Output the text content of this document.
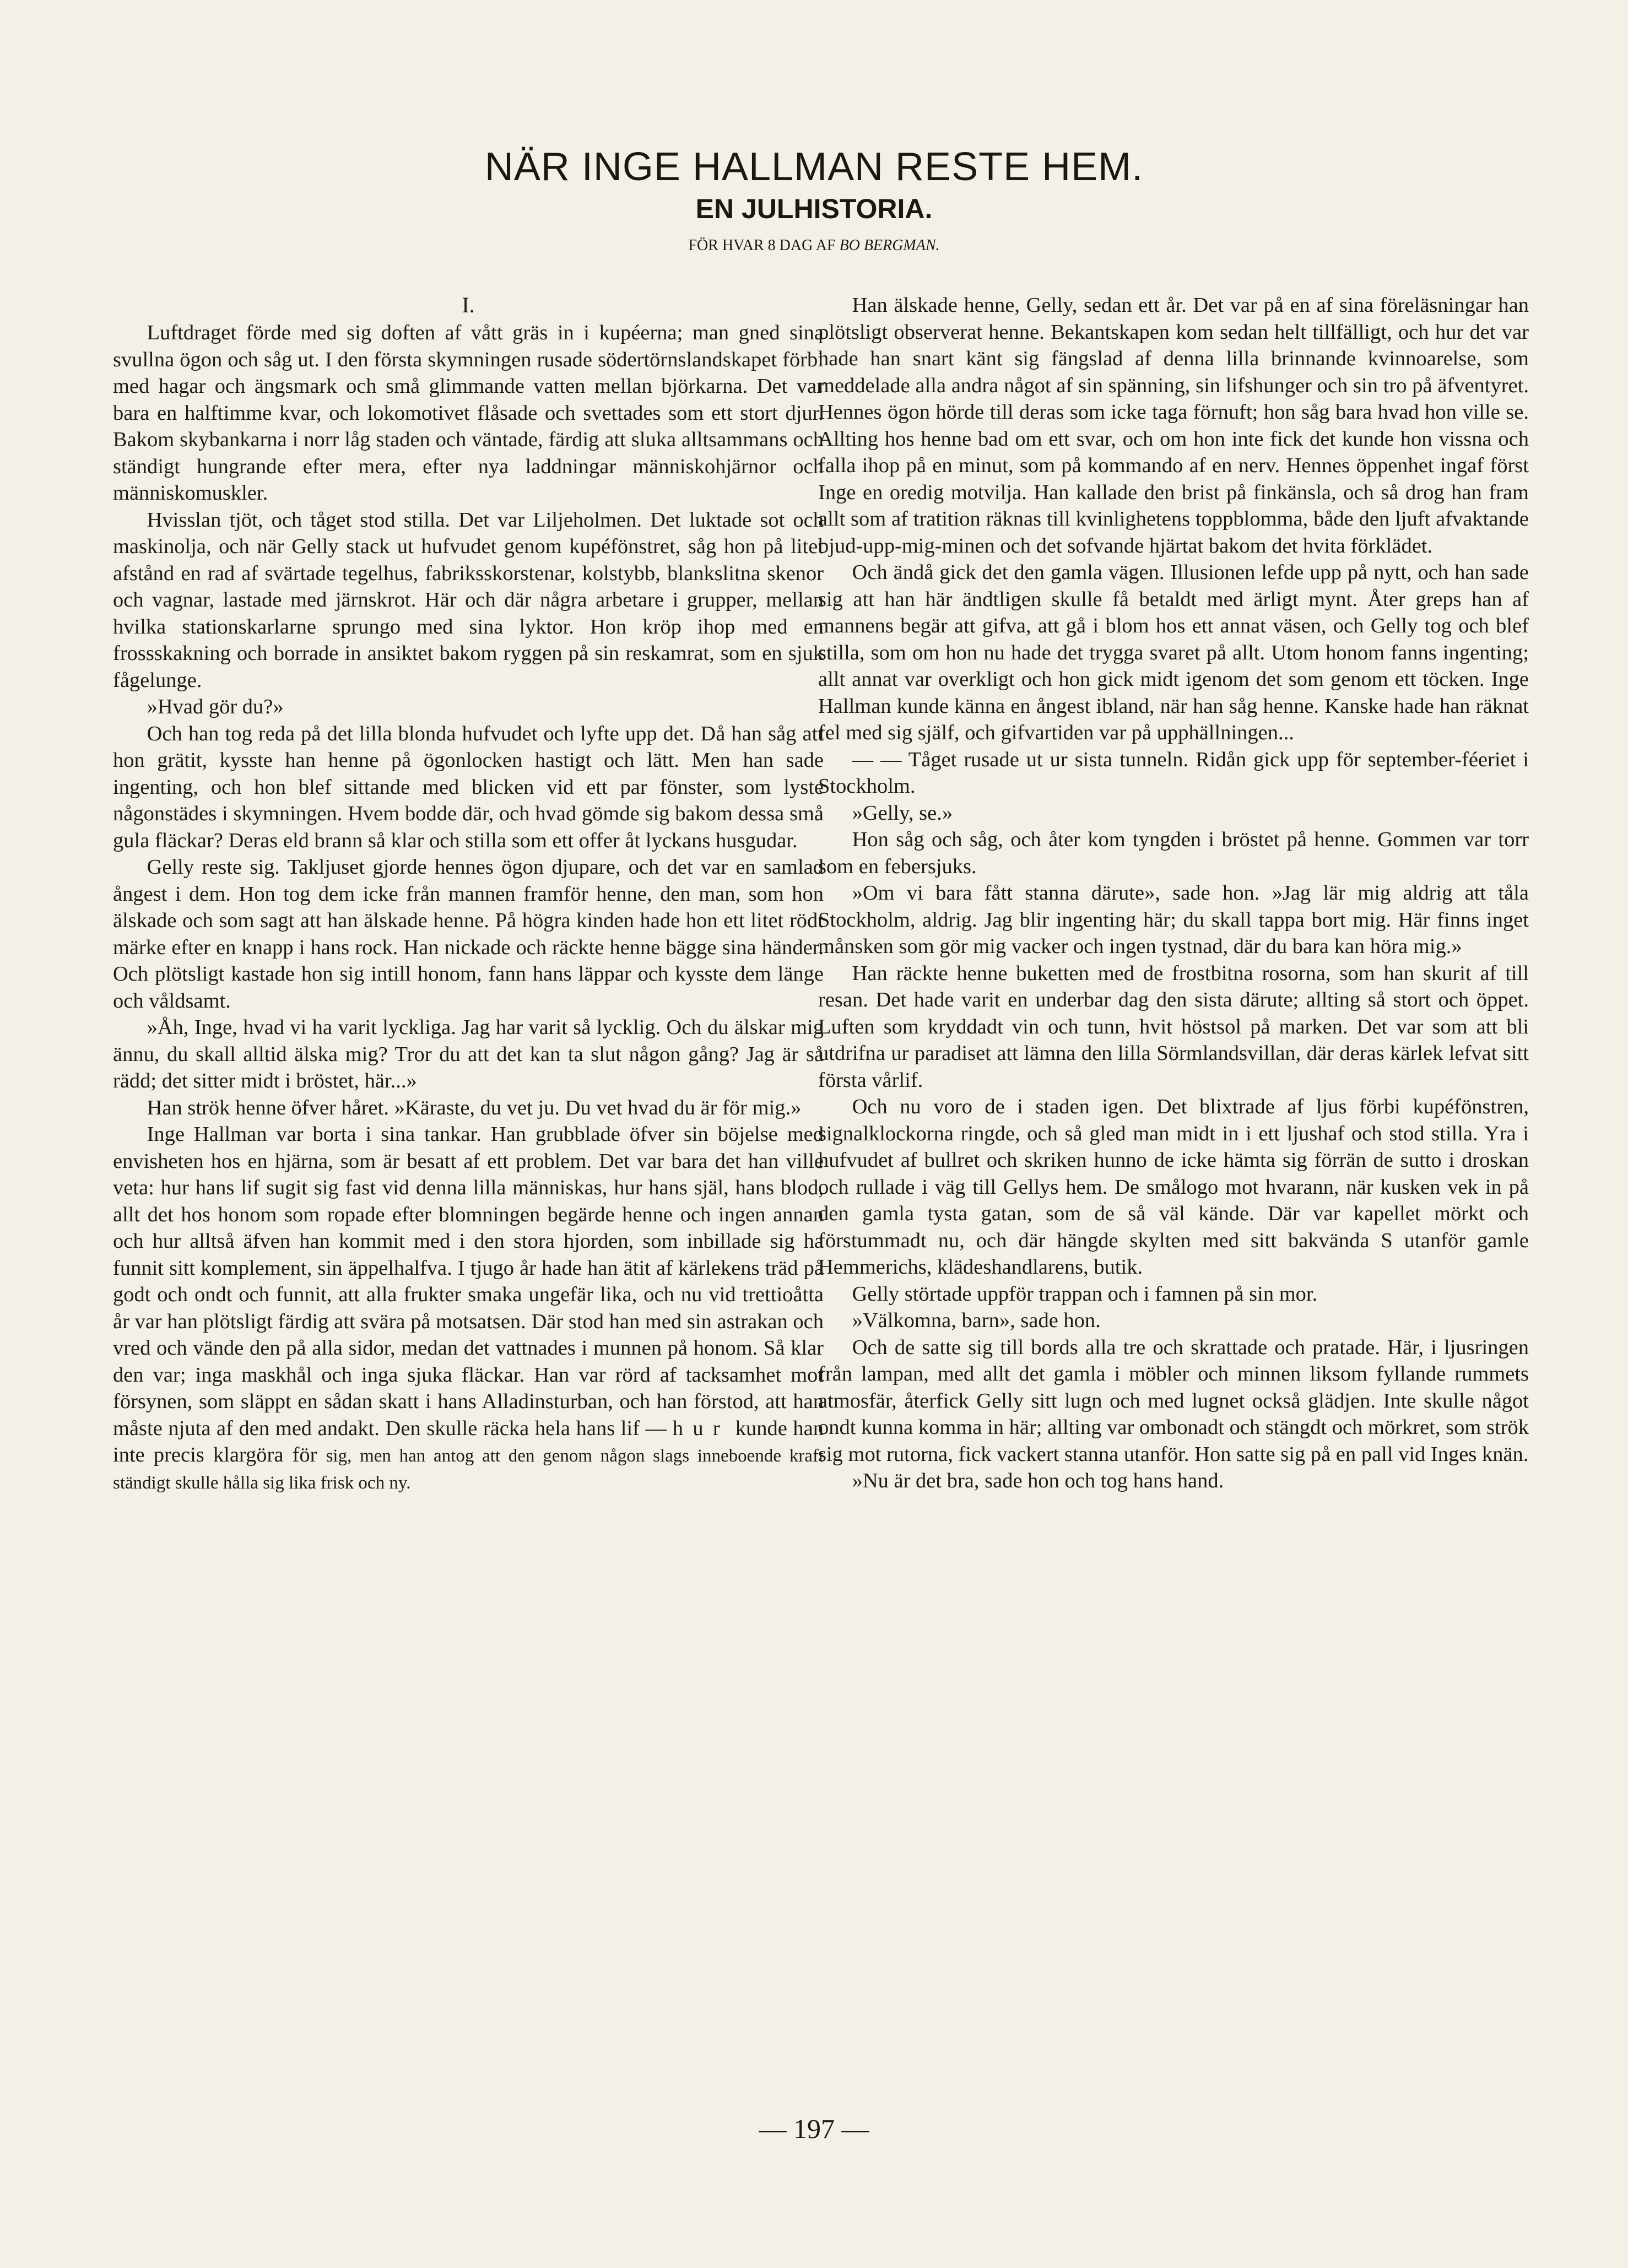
NÄR INGE HALLMAN RESTE HEM.
EN JULHISTORIA.

FÖR HVAR 8 DAG AF BO BERGMAN.

I.

Luftdraget förde med sig doften af vått gräs in i kupéerna; man gned sina svullna ögon och såg ut. I den första skymningen rusade södertörnslandskapet förbi med hagar och ängsmark och små glimmande vatten mellan björkarna. Det var bara en halftimme kvar, och lokomotivet flåsade och svettades som ett stort djur. Bakom skybankarna i norr låg staden och väntade, färdig att sluka alltsammans och ständigt hungrande efter mera, efter nya laddningar människohjärnor och människomuskler.

Hvisslan tjöt, och tåget stod stilla. Det var Liljeholmen. Det luktade sot och maskinolja, och när Gelly stack ut hufvudet genom kupéfönstret, såg hon på litet afstånd en rad af svärtade tegelhus, fabriksskorstenar, kolstybb, blankslitna skenor och vagnar, lastade med järnskrot. Här och där några arbetare i grupper, mellan hvilka stationskarlarne sprungo med sina lyktor. Hon kröp ihop med en frossskakning och borrade in ansiktet bakom ryggen på sin reskamrat, som en sjuk fågelunge.

»Hvad gör du?»

Och han tog reda på det lilla blonda hufvudet och lyfte upp det. Då han såg att hon grätit, kysste han henne på ögonlocken hastigt och lätt. Men han sade ingenting, och hon blef sittande med blicken vid ett par fönster, som lyste någonstädes i skymningen. Hvem bodde där, och hvad gömde sig bakom dessa små gula fläckar? Deras eld brann så klar och stilla som ett offer åt lyckans husgudar.

Gelly reste sig. Takljuset gjorde hennes ögon djupare, och det var en samlad ångest i dem. Hon tog dem icke från mannen framför henne, den man, som hon älskade och som sagt att han älskade henne. På högra kinden hade hon ett litet rödt märke efter en knapp i hans rock. Han nickade och räckte henne bägge sina händer. Och plötsligt kastade hon sig intill honom, fann hans läppar och kysste dem länge och våldsamt.

»Åh, Inge, hvad vi ha varit lyckliga. Jag har varit så lycklig. Och du älskar mig ännu, du skall alltid älska mig? Tror du att det kan ta slut någon gång? Jag är så rädd; det sitter midt i bröstet, här...»

Han strök henne öfver håret. »Käraste, du vet ju. Du vet hvad du är för mig.»

Inge Hallman var borta i sina tankar. Han grubblade öfver sin böjelse med envisheten hos en hjärna, som är besatt af ett problem. Det var bara det han ville veta: hur hans lif sugit sig fast vid denna lilla människas, hur hans själ, hans blod, allt det hos honom som ropade efter blomningen begärde henne och ingen annan och hur alltså äfven han kommit med i den stora hjorden, som inbillade sig ha funnit sitt komplement, sin äppelhalfva. I tjugo år hade han ätit af kärlekens träd på godt och ondt och funnit, att alla frukter smaka ungefär lika, och nu vid trettioåtta år var han plötsligt färdig att svära på motsatsen. Där stod han med sin astrakan och vred och vände den på alla sidor, medan det vattnades i munnen på honom. Så klar den var; inga maskhål och inga sjuka fläckar. Han var rörd af tacksamhet mot försynen, som släppt en sådan skatt i hans Alladinsturban, och han förstod, att han måste njuta af den med andakt. Den skulle räcka hela hans lif — hur kunde han inte precis klargöra för sig, men han antog att den genom någon slags innebοende kraft ständigt skulle hålla sig lika frisk och ny.

Han älskade henne, Gelly, sedan ett år. Det var på en af sina föreläsningar han plötsligt observerat henne. Bekantskapen kom sedan helt tillfälligt, och hur det var hade han snart känt sig fängslad af denna lilla brinnande kvinnoarelse, som meddelade alla andra något af sin spänning, sin lifshunger och sin tro på äfventyret. Hennes ögon hörde till deras som icke taga förnuft; hon såg bara hvad hon ville se. Allting hos henne bad om ett svar, och om hon inte fick det kunde hon vissna och falla ihop på en minut, som på kommando af en nerv. Hennes öppenhet ingaf först Inge en oredig motvilja. Han kallade den brist på finkänsla, och så drog han fram allt som af tratition räknas till kvinlighetens toppblomma, både den ljuft afvaktande bjud-upp-mig-minen och det sofvande hjärtat bakom det hvita förklädet.

Och ändå gick det den gamla vägen. Illusionen lefde upp på nytt, och han sade sig att han här ändtligen skulle få betaldt med ärligt mynt. Åter greps han af mannens begär att gifva, att gå i blom hos ett annat väsen, och Gelly tog och blef stilla, som om hon nu hade det trygga svaret på allt. Utom honom fanns ingenting; allt annat var overkligt och hon gick midt igenom det som genom ett töcken. Inge Hallman kunde känna en ångest ibland, när han såg henne. Kanske hade han räknat fel med sig själf, och gifvartiden var på upphällningen...

— — Tåget rusade ut ur sista tunneln. Ridån gick upp för september-féeriet i Stockholm.

»Gelly, se.»

Hon såg och såg, och åter kom tyngden i bröstet på henne. Gommen var torr som en febersjuks.

»Om vi bara fått stanna därute», sade hon. »Jag lär mig aldrig att tåla Stockholm, aldrig. Jag blir ingenting här; du skall tappa bort mig. Här finns inget månsken som gör mig vacker och ingen tystnad, där du bara kan höra mig.»

Han räckte henne buketten med de frostbitna rosorna, som han skurit af till resan. Det hade varit en underbar dag den sista därute; allting så stort och öppet. Luften som kryddadt vin och tunn, hvit höstsol på marken. Det var som att bli utdrifna ur paradiset att lämna den lilla Sörmlandsvillan, där deras kärlek lefvat sitt första vårlif.

Och nu voro de i staden igen. Det blixtrade af ljus förbi kupéfönstren, signalklockorna ringde, och så gled man midt in i ett ljushaf och stod stilla. Yra i hufvudet af bullret och skriken hunno de icke hämta sig förrän de sutto i droskan och rullade i väg till Gellys hem. De smålogo mot hvarann, när kusken vek in på den gamla tysta gatan, som de så väl kände. Där var kapellet mörkt och förstummadt nu, och där hängde skylten med sitt bakvända S utanför gamle Hemmerichs, klädeshandlarens, butik.

Gelly störtade uppför trappan och i famnen på sin mor.

»Välkomna, barn», sade hon.

Och de satte sig till bords alla tre och skrattade och pratade. Här, i ljusringen från lampan, med allt det gamla i möbler och minnen liksom fyllande rummets atmosfär, återfick Gelly sitt lugn och med lugnet också glädjen. Inte skulle något ondt kunna komma in här; allting var ombonadt och stängdt och mörkret, som strök sig mot rutorna, fick vackert stanna utanför. Hon satte sig på en pall vid Inges knän.

»Nu är det bra, sade hon och tog hans hand.

— 197 —
